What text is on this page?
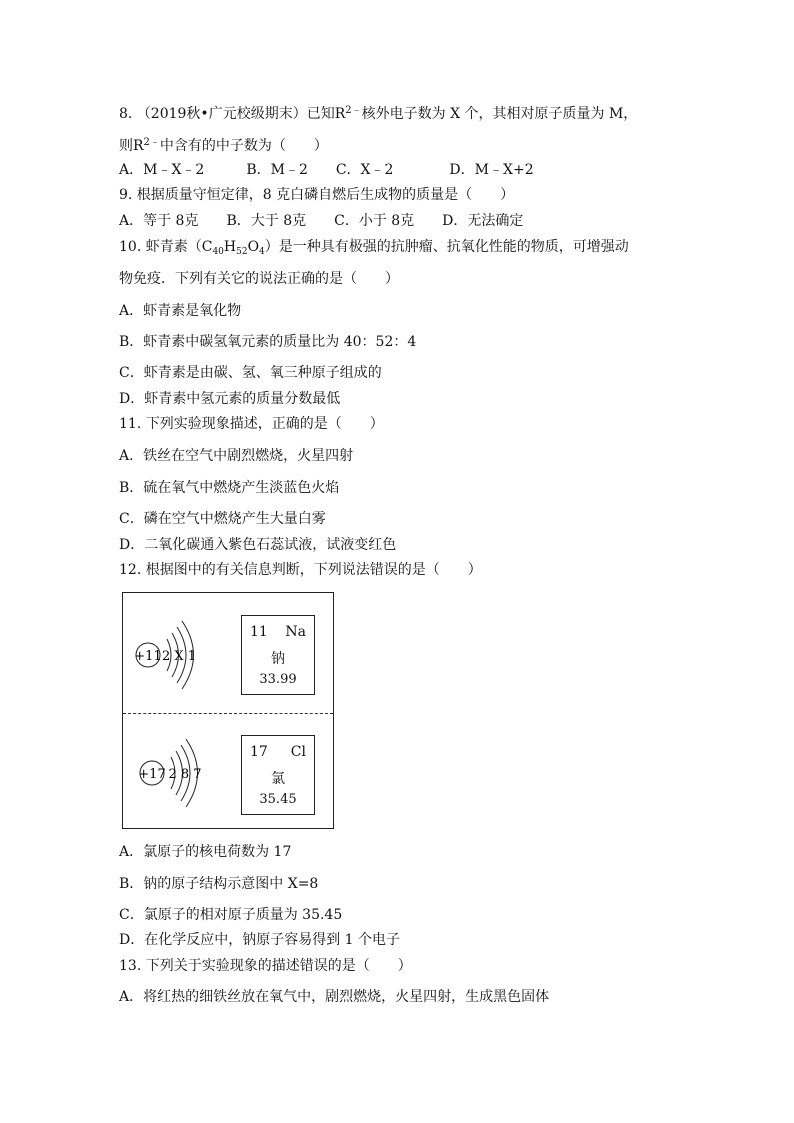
8. （2019秋•广元校级期末）已知$R^{2﹣}$核外电子数为 X 个，其相对原子质量为 M，
则$R^{2﹣}$中含有的中子数为（　　）
A．M﹣X﹣2　　　B．M﹣2　　C．X﹣2　　　　D．M﹣X+2
9. 根据质量守恒定律，8 克白磷自燃后生成物的质量是（　　）
A．等于 8克　　B．大于 8克　　C．小于 8克　　D．无法确定
10. 虾青素$(C_{40}H_{52}O_4)$是一种具有极强的抗肿瘤、抗氧化性能的物质，可增强动
物免疫．下列有关它的说法正确的是（　　）
A．虾青素是氧化物
B．虾青素中碳氢氧元素的质量比为 40：52：4
C．虾青素是由碳、氢、氧三种原子组成的
D．虾青素中氢元素的质量分数最低
11. 下列实验现象描述，正确的是（　　）
A．铁丝在空气中剧烈燃烧，火星四射
B．硫在氧气中燃烧产生淡蓝色火焰
C．磷在空气中燃烧产生大量白雾
D．二氧化碳通入紫色石蕊试液，试液变红色
12. 根据图中的有关信息判断，下列说法错误的是（　　）
+11 2 X 1
+17 2 8 7
11 Na
钠
33.99
17 Cl
氯
35.45
A．氯原子的核电荷数为 17
B．钠的原子结构示意图中 X=8
C．氯原子的相对原子质量为 35.45
D．在化学反应中，钠原子容易得到 1 个电子
13. 下列关于实验现象的描述错误的是（　　）
A．将红热的细铁丝放在氧气中，剧烈燃烧，火星四射，生成黑色固体
